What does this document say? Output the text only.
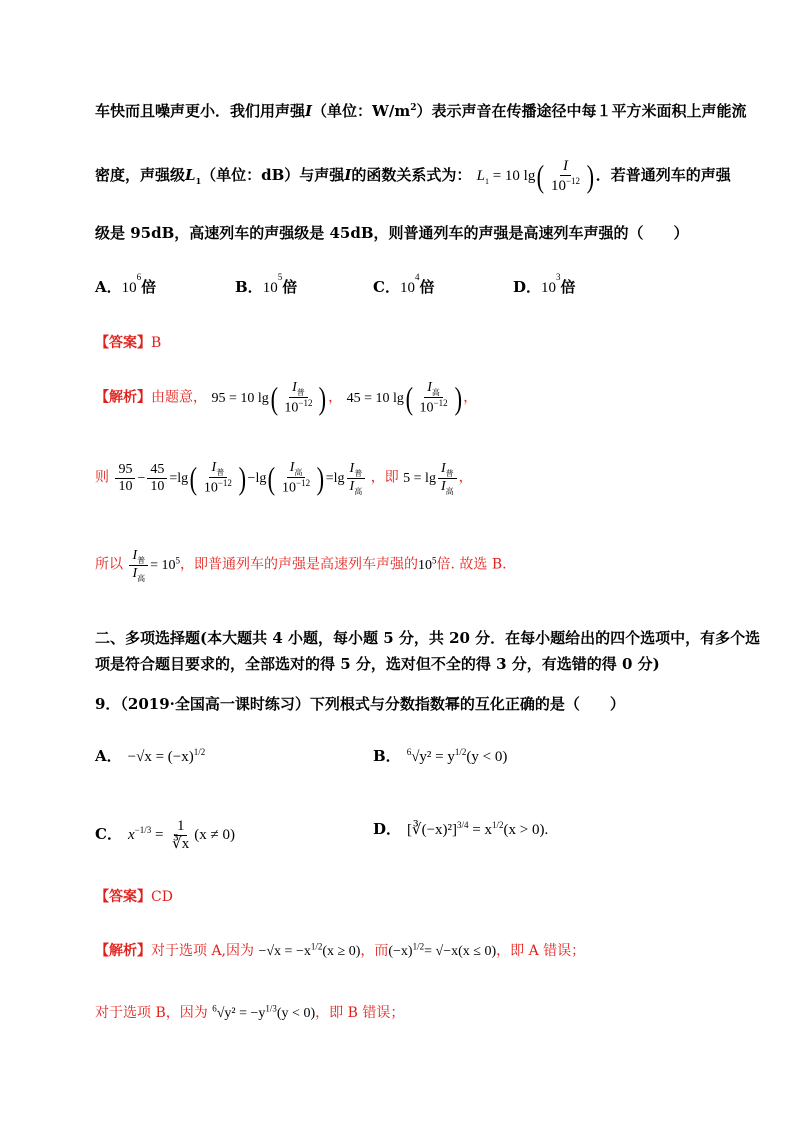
车快而且噪声更小．我们用声强I（单位：$W/m^2$）表示声音在传播途径中每１平方米面积上声能流
密度，声强级$L_1$（单位：dB）与声强I的函数关系式为： $L_1 = 10$ $\lg( \frac{I}{10^{-12}}$ ) ．若普通列车的声强
级是 95dB，高速列车的声强级是 45dB，则普通列车的声强是高速列车声强的（　　）
A．$10^6$倍	B．$10^5$倍	C．$10^4$倍	D．$10^3$倍
【答案】B
【解析】由题意， 95 = 10 $\lg( \frac{I_普}{10^{-12}}$ ) ， 45 = 10 $\lg( \frac{I_高}{10^{-12}}$ ) ，
则 $\frac{95}{10} - \frac{45}{10} =\lg( \frac{I_普}{10^{-12}}$ ) $-\lg( \frac{I_高}{10^{-12}}$ ) $=\lg \frac{I_普}{I_高}$ ，即 $5 = \lg \frac{I_普}{I_高}$ ，
所以 $\frac{I_普}{I_高} = 10^5$，即普通列车的声强是高速列车声强的$10^5$倍. 故选 B.
二、多项选择题(本大题共 4 小题，每小题 5 分，共 20 分．在每小题给出的四个选项中，有多个选
项是符合题目要求的，全部选对的得 5 分，选对但不全的得 3 分，有选错的得 0 分)
9．（2019·全国高一课时练习）下列根式与分数指数幂的互化正确的是（　　）
A． $-√x = (-x)^{1/2}$	B． $^6√y^2 = y^{1/2}(y < 0)$
C． $x^{-1/3} = \frac{1}{∛x} (x \ne 0)$	D． [∛(−x)²]$^{3/4}$ = $x^{1/2}(x > 0)$.
【答案】CD
【解析】对于选项 A,因为 $-√x = -x^{1/2}(x \ge 0)$，而$(-x)^{1/2}= √-x(x \le 0)$，即 A 错误；
对于选项 B，因为 $^6√y^2 = -y^{1/3}(y < 0)$，即 B 错误；
